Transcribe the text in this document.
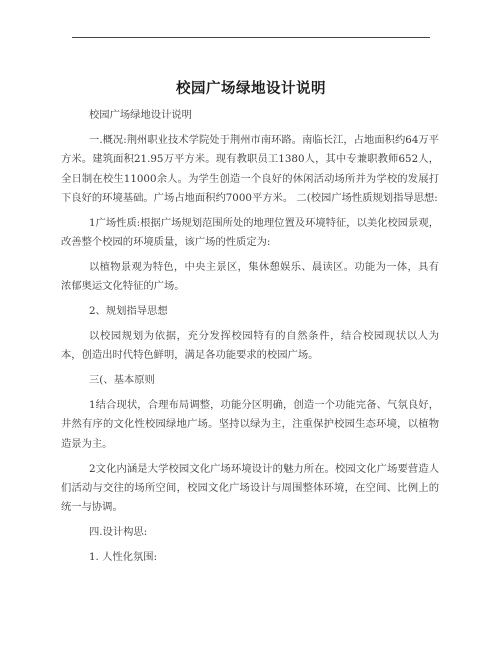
校园广场绿地设计说明

校园广场绿地设计说明

一.概况:荆州职业技术学院处于荆州市南环路。南临长江，占地面积约64万平方米。建筑面积21.95万平方米。现有教职员工1380人，其中专兼职教师652人，全日制在校生11000余人。为学生创造一个良好的休闲活动场所并为学校的发展打下良好的环境基础。广场占地面积约7000平方米。 二(校园广场性质规划指导思想:

1广场性质:根据广场规划范围所处的地理位置及环境特征，以美化校园景观，改善整个校园的环境质量，该广场的性质定为:

以植物景观为特色，中央主景区，集休憩娱乐、晨读区。功能为一体，具有浓郁奥运文化特征的广场。

2、规划指导思想

以校园规划为依据，充分发挥校园特有的自然条件，结合校园现状以人为本，创造出时代特色鲜明，满足各功能要求的校园广场。

三(、基本原则

1结合现状，合理布局调整，功能分区明确，创造一个功能完备、气氛良好，井然有序的文化性校园绿地广场。坚持以绿为主，注重保护校园生态环境，以植物造景为主。

2文化内涵是大学校园文化广场环境设计的魅力所在。校园文化广场要营造人们活动与交往的场所空间，校园文化广场设计与周围整体环境，在空间、比例上的统一与协调。

四.设计构思:

1. 人性化氛围:
